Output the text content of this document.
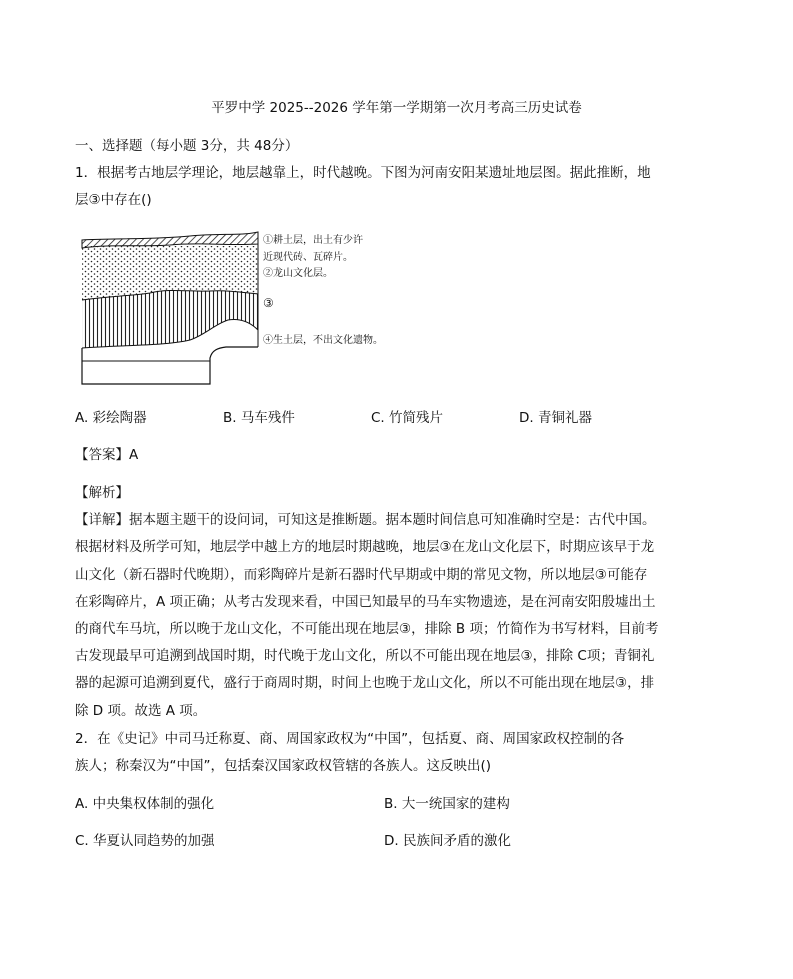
平罗中学 2025--2026 学年第一学期第一次月考高三历史试卷
一、选择题（每小题 3分，共 48分）
1．根据考古地层学理论，地层越靠上，时代越晚。下图为河南安阳某遗址地层图。据此推断，地
层③中存在()
①耕土层，出土有少许
近现代砖、瓦碎片。
②龙山文化层。
③
④生土层，不出文化遗物。
A. 彩绘陶器	B. 马车残件	C. 竹简残片	D. 青铜礼器
【答案】A
【解析】
【详解】据本题主题干的设问词，可知这是推断题。据本题时间信息可知准确时空是：古代中国。
根据材料及所学可知，地层学中越上方的地层时期越晚，地层③在龙山文化层下，时期应该早于龙
山文化（新石器时代晚期），而彩陶碎片是新石器时代早期或中期的常见文物，所以地层③可能存
在彩陶碎片，A 项正确；从考古发现来看，中国已知最早的马车实物遗迹，是在河南安阳殷墟出土
的商代车马坑，所以晚于龙山文化，不可能出现在地层③，排除 B 项；竹简作为书写材料，目前考
古发现最早可追溯到战国时期，时代晚于龙山文化，所以不可能出现在地层③，排除 C项；青铜礼
器的起源可追溯到夏代，盛行于商周时期，时间上也晚于龙山文化，所以不可能出现在地层③，排
除 D 项。故选 A 项。
2．在《史记》中司马迁称夏、商、周国家政权为“中国”，包括夏、商、周国家政权控制的各
族人；称秦汉为“中国”，包括秦汉国家政权管辖的各族人。这反映出()
A. 中央集权体制的强化	B. 大一统国家的建构
C. 华夏认同趋势的加强	D. 民族间矛盾的激化
